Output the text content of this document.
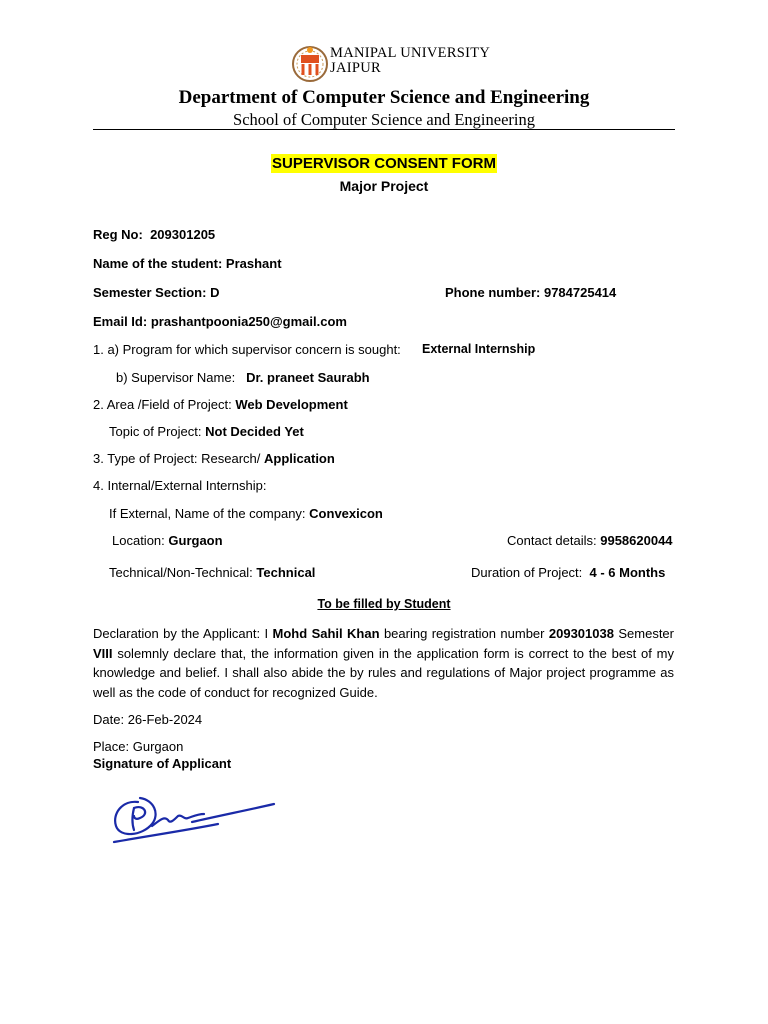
MANIPAL UNIVERSITY
JAIPUR
Department of Computer Science and Engineering
School of Computer Science and Engineering
SUPERVISOR CONSENT FORM
Major Project
Reg No: 209301205
Name of the student: Prashant
Semester Section: D	Phone number: 9784725414
Email Id: prashantpoonia250@gmail.com
1. a) Program for which supervisor concern is sought: External Internship
b) Supervisor Name: Dr. praneet Saurabh
2. Area /Field of Project: Web Development
Topic of Project: Not Decided Yet
3. Type of Project: Research/ Application
4. Internal/External Internship:
If External, Name of the company: Convexicon
Location: Gurgaon	Contact details: 9958620044
Technical/Non-Technical: Technical	Duration of Project: 4 - 6 Months
To be filled by Student
Declaration by the Applicant: I Mohd Sahil Khan bearing registration number 209301038 Semester VIII solemnly declare that, the information given in the application form is correct to the best of my knowledge and belief. I shall also abide the by rules and regulations of Major project programme as well as the code of conduct for recognized Guide.
Date: 26-Feb-2024
Place: Gurgaon
Signature of Applicant
